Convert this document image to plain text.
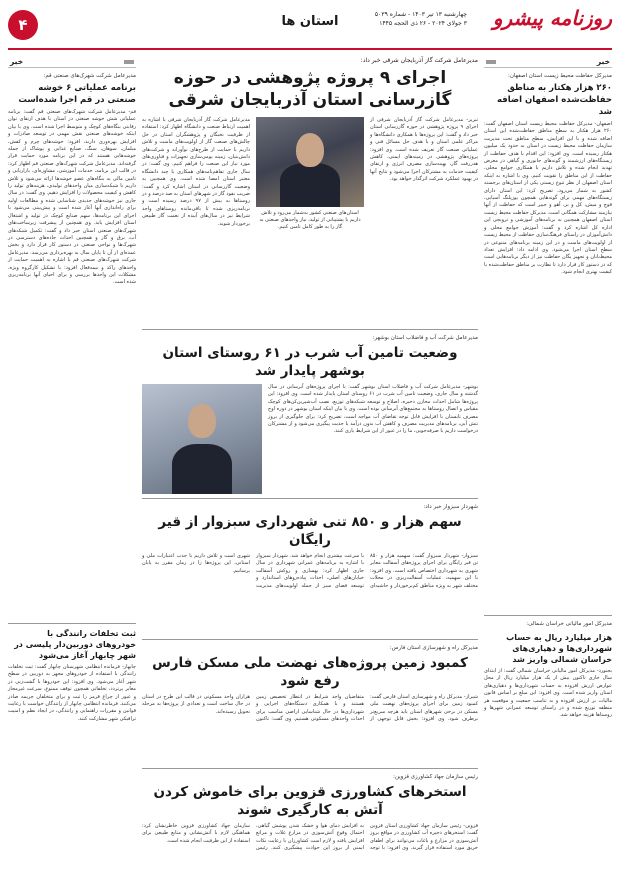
۴	استان ها	روزنامه پیشرو
چهارشنبه ۱۳ تیر ۱۴۰۳ - شماره ۵۰۳۹
۳ جولای ۲۰۲۴ - ۲۶ ذی الحجه ۱۴۴۵
خبر
مدیرکل حفاظت محیط زیست استان اصفهان:
۲۶۰ هزار هکتار به مناطق حفاظت‌شده اصفهان اضافه شد
اصفهان- مدیرکل حفاظت محیط زیست استان اصفهان گفت: ۲۶۰ هزار هکتار به سطح مناطق حفاظت‌شده این استان اضافه شده و با این افزایش، سطح مناطق تحت مدیریت سازمان حفاظت محیط زیست در استان به حدود یک میلیون هکتار رسیده است. وی افزود: این اقدام با هدف حفاظت از زیستگاه‌های ارزشمند و گونه‌های جانوری و گیاهی در معرض تهدید انجام شده و تلاش داریم با همکاری جوامع محلی، حفاظت از این مناطق را تقویت کنیم. وی با اشاره به اینکه استان اصفهان از نظر تنوع زیستی یکی از استان‌های برجسته کشور به شمار می‌رود، تصریح کرد: این استان دارای زیستگاه‌های مهمی برای گونه‌هایی همچون یوزپلنگ آسیایی، قوچ و میش، کل و بز، آهو و جبیر است که حفاظت از آنها نیازمند مشارکت همگانی است. مدیرکل حفاظت محیط زیست استان اصفهان همچنین به برنامه‌های آموزشی و ترویجی این اداره کل اشاره کرد و گفت: آموزش جوامع محلی و دانش‌آموزان در راستای فرهنگ‌سازی حفاظت از محیط زیست از اولویت‌های ماست و در این زمینه برنامه‌های متنوعی در سطح استان اجرا می‌شود. وی ادامه داد: افزایش تعداد محیط‌بانان و تجهیز یگان حفاظت نیز از دیگر برنامه‌هایی است که در دستور کار قرار دارد تا نظارت بر مناطق حفاظت‌شده با کیفیت بهتری انجام شود.
مدیرکل امور مالیاتی خراسان شمالی:
هزار میلیارد ریال به حساب شهرداری‌ها و دهیاری‌های خراسان شمالی واریز شد
بجنورد- مدیرکل امور مالیاتی خراسان شمالی گفت: از ابتدای سال جاری تاکنون بیش از یک هزار میلیارد ریال از محل عوارض ارزش افزوده به حساب شهرداری‌ها و دهیاری‌های استان واریز شده است. وی افزود: این مبلغ بر اساس قانون مالیات بر ارزش افزوده و به تناسب جمعیت و موقعیت هر منطقه توزیع شده و در راستای توسعه عمرانی شهرها و روستاها هزینه خواهد شد.
خبر
مدیرعامل شرکت شهرک‌های صنعتی قم:
برنامه عملیاتی ۶ خوشه صنعتی در قم اجرا شده‌است
قم- مدیرعامل شرکت شهرک‌های صنعتی قم گفت: برنامه عملیاتی شش خوشه صنعتی در استان با هدف ارتقای توان رقابتی بنگاه‌های کوچک و متوسط اجرا شده است. وی با بیان اینکه خوشه‌های صنعتی نقش مهمی در توسعه صادرات و افزایش بهره‌وری دارند، افزود: خوشه‌های چرم و کفش، مبلمان، سوهان، سنگ، صنایع غذایی و پوشاک از جمله خوشه‌هایی هستند که در این برنامه مورد حمایت قرار گرفته‌اند. مدیرعامل شرکت شهرک‌های صنعتی قم اظهار کرد: در قالب این برنامه، خدمات آموزشی، مشاوره‌ای، بازاریابی و تامین مالی به بنگاه‌های عضو خوشه‌ها ارائه می‌شود و تلاش داریم با شبکه‌سازی میان واحدهای تولیدی، هزینه‌های تولید را کاهش و کیفیت محصولات را افزایش دهیم. وی گفت: در سال جاری نیز خوشه‌های جدیدی شناسایی شده و مطالعات اولیه برای راه‌اندازی آنها آغاز شده است و پیش‌بینی می‌شود با اجرای این برنامه‌ها، سهم صنایع کوچک در تولید و اشتغال استان افزایش یابد. وی همچنین از پیشرفت زیرساخت‌های شهرک‌های صنعتی استان خبر داد و گفت: تکمیل شبکه‌های آب، برق و گاز و همچنین احداث جاده‌های دسترسی در شهرک‌ها و نواحی صنعتی در دستور کار قرار دارد و بخش عمده‌ای از آن تا پایان سال به بهره‌برداری می‌رسد. مدیرعامل شرکت شهرک‌های صنعتی قم با اشاره به اهمیت حمایت از واحدهای راکد و نیمه‌فعال افزود: با تشکیل کارگروه ویژه، مشکلات این واحدها بررسی و برای احیای آنها برنامه‌ریزی شده است.
ثبت تخلفات رانندگی با خودروهای دوربین‌دار پلیسی در شهر چابهار آغاز می‌شود
چابهار- فرمانده انتظامی شهرستان چابهار گفت: ثبت تخلفات رانندگی با استفاده از خودروهای مجهز به دوربین در سطح شهر آغاز می‌شود. وی افزود: این خودروها با گشت‌زنی در معابر پرتردد، تخلفاتی همچون توقف ممنوع، سرعت غیرمجاز و عبور از چراغ قرمز را ثبت و برای متخلفان جریمه صادر می‌کنند. فرمانده انتظامی چابهار از رانندگان خواست با رعایت قوانین و مقررات راهنمایی و رانندگی، در ایجاد نظم و امنیت ترافیکی شهر مشارکت کنند.
مدیرعامل شرکت گاز آذربایجان شرقی خبر داد:
اجرای ۹ پروژه پژوهشی در حوزه گازرسانی استان آذربایجان شرقی
تبریز- مدیرعامل شرکت گاز آذربایجان شرقی از اجرای ۹ پروژه پژوهشی در حوزه گازرسانی استان خبر داد و گفت: این پروژه‌ها با همکاری دانشگاه‌ها و مراکز علمی استان و با هدف حل مسائل فنی و عملیاتی صنعت گاز تعریف شده است. وی افزود: پروژه‌های پژوهشی در زمینه‌های ایمنی، کاهش هدررفت گاز، بهینه‌سازی مصرف انرژی و ارتقای کیفیت خدمات به مشترکان اجرا می‌شود و نتایج آنها در بهبود عملکرد شرکت اثرگذار خواهد بود.
استان‌های صنعتی کشور به‌شمار می‌رود و تلاش داریم با پشتیبانی از تولید، نیاز واحدهای صنعتی به گاز را به طور کامل تامین کنیم.
مدیرعامل شرکت گاز آذربایجان شرقی با اشاره به اهمیت ارتباط صنعت و دانشگاه اظهار کرد: استفاده از ظرفیت نخبگان و پژوهشگران استان در حل چالش‌های صنعت گاز از اولویت‌های ماست و تلاش داریم با حمایت از طرح‌های نوآورانه و شرکت‌های دانش‌بنیان، زمینه بومی‌سازی تجهیزات و فناوری‌های مورد نیاز این صنعت را فراهم کنیم. وی گفت: در سال جاری تفاهم‌نامه‌های همکاری با چند دانشگاه معتبر استان امضا شده است. وی همچنین به وضعیت گازرسانی در استان اشاره کرد و گفت: ضریب نفوذ گاز در شهرهای استان به صد درصد و در روستاها به بیش از ۹۷ درصد رسیده است و برنامه‌ریزی شده تا باقی‌مانده روستاهای واجد شرایط نیز در سال‌های آینده از نعمت گاز طبیعی برخوردار شوند.
مدیرعامل شرکت آب و فاضلاب استان بوشهر:
وضعیت تامین آب شرب در ۶۱ روستای استان بوشهر پایدار شد
بوشهر- مدیرعامل شرکت آب و فاضلاب استان بوشهر گفت: با اجرای پروژه‌های آبرسانی در سال گذشته و سال جاری، وضعیت تامین آب شرب در ۶۱ روستای استان پایدار شده است. وی افزود: این پروژه‌ها شامل احداث مخازن ذخیره، اصلاح و توسعه شبکه‌های توزیع، نصب آب‌شیرین‌کن‌های کوچک مقیاس و اتصال روستاها به مجتمع‌های آبرسانی بوده است. وی با بیان اینکه استان بوشهر در دوره اوج مصرف تابستان با افزایش قابل توجه تقاضای آب مواجه است، تصریح کرد: برای جلوگیری از بروز تنش آبی، برنامه‌های مدیریت مصرف و کاهش آب بدون درآمد با جدیت پیگیری می‌شود و از مشترکان درخواست داریم با صرفه‌جویی، ما را در عبور از این شرایط یاری کنند.
شهردار سبزوار خبر داد:
سهم هزار و ۸۵۰ تنی شهرداری سبزوار از قیر رایگان
سبزوار- شهردار سبزوار گفت: سهمیه هزار و ۸۵۰ تن قیر رایگان برای اجرای پروژه‌های آسفالت معابر شهری به شهرداری اختصاص یافته است. وی افزود: با این سهمیه، عملیات آسفالت‌ریزی در محلات مختلف شهر به ویژه مناطق کم‌برخوردار و حاشیه‌ای با سرعت بیشتری انجام خواهد شد. شهردار سبزوار با اشاره به برنامه‌های عمرانی شهرداری در سال جاری اظهار کرد: بهسازی و روکش آسفالت خیابان‌های اصلی، احداث پیاده‌روهای استاندارد و توسعه فضای سبز از جمله اولویت‌های مدیریت شهری است و تلاش داریم با جذب اعتبارات ملی و استانی، این پروژه‌ها را در زمان مقرر به پایان برسانیم.
مدیرکل راه و شهرسازی استان فارس:
کمبود زمین پروژه‌های نهضت ملی مسکن فارس رفع شود
شیراز- مدیرکل راه و شهرسازی استان فارس گفت: کمبود زمین برای اجرای پروژه‌های نهضت ملی مسکن در برخی شهرهای استان باید هرچه سریع‌تر برطرف شود. وی افزود: بخش قابل توجهی از متقاضیان واجد شرایط در انتظار تخصیص زمین هستند و با همکاری دستگاه‌های اجرایی و شهرداری‌ها در حال شناسایی اراضی مناسب برای احداث واحدهای مسکونی هستیم. وی گفت: تاکنون هزاران واحد مسکونی در قالب این طرح در استان در حال ساخت است و تعدادی از پروژه‌ها به مرحله تحویل رسیده‌اند.
رئیس سازمان جهاد کشاورزی قزوین:
استخرهای کشاورزی قزوین برای خاموش کردن آتش به کارگیری شوند
قزوین- رئیس سازمان جهاد کشاورزی استان قزوین گفت: استخرهای ذخیره آب کشاورزی در مواقع بروز آتش‌سوزی در مزارع و باغات می‌توانند برای اطفای حریق مورد استفاده قرار گیرند. وی افزود: با توجه به افزایش دمای هوا و خشک شدن پوشش گیاهی، احتمال وقوع آتش‌سوزی در مزارع غلات و مراتع افزایش یافته و لازم است کشاورزان با رعایت نکات ایمنی از بروز این حوادث پیشگیری کنند. رئیس سازمان جهاد کشاورزی قزوین خاطرنشان کرد: هماهنگی لازم با آتش‌نشانی و منابع طبیعی برای استفاده از این ظرفیت انجام شده است.
